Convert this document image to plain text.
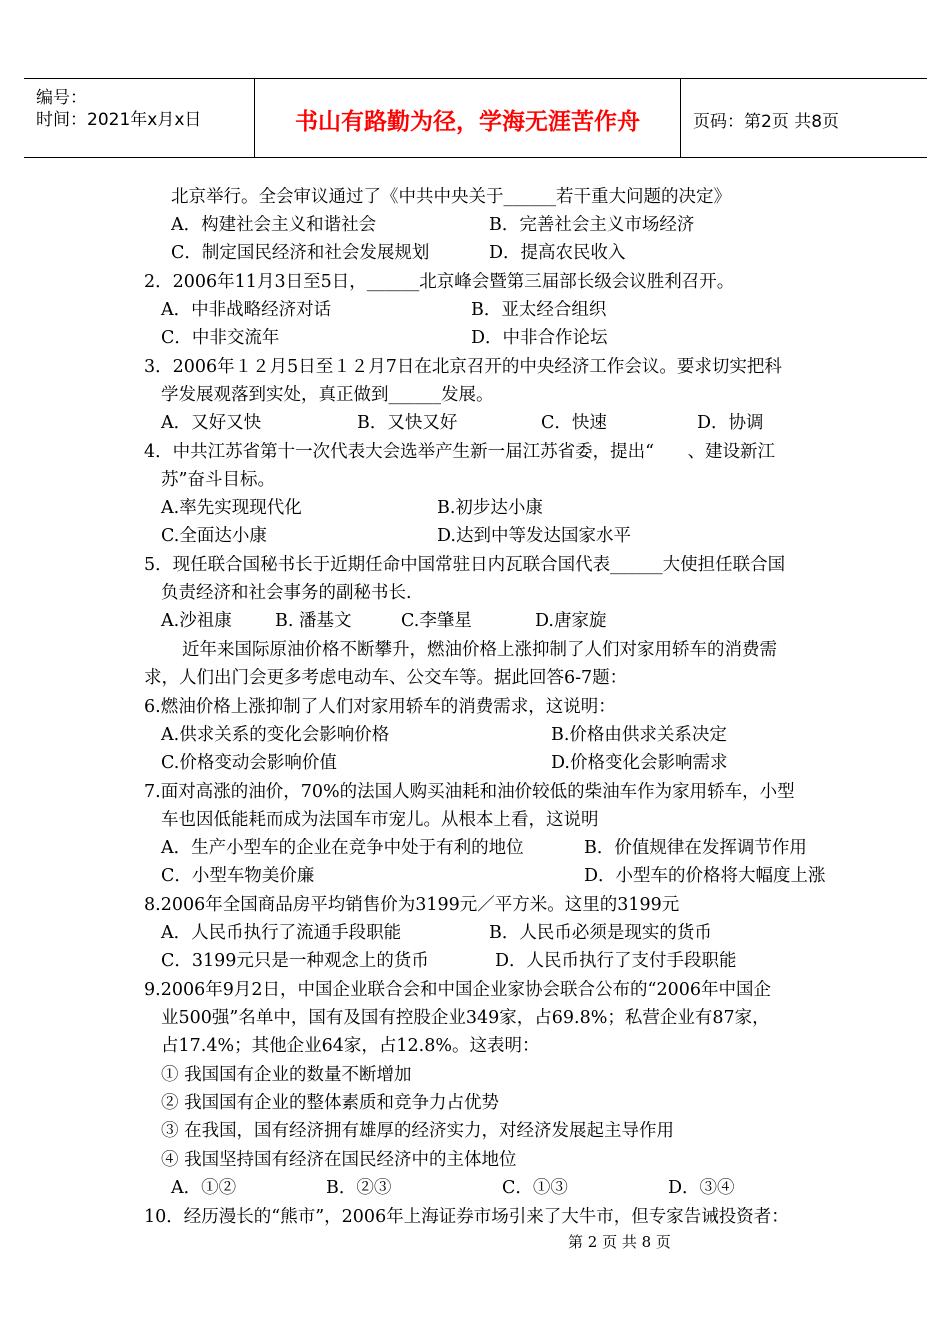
编号：
时间：2021年x月x日	书山有路勤为径，学海无涯苦作舟	页码：第2页 共8页
北京举行。全会审议通过了《中共中央关于______若干重大问题的决定》
A．构建社会主义和谐社会	B．完善社会主义市场经济
C．制定国民经济和社会发展规划	D．提高农民收入
2．2006年11月3日至5日，______北京峰会暨第三届部长级会议胜利召开。
A．中非战略经济对话	B．亚太经合组织
C．中非交流年	D．中非合作论坛
3．2006年１２月5日至１２月7日在北京召开的中央经济工作会议。要求切实把科
学发展观落到实处，真正做到______发展。
A．又好又快	B．又快又好	C．快速	D．协调
4．中共江苏省第十一次代表大会选举产生新一届江苏省委，提出“      、建设新江
苏”奋斗目标。
A.率先实现现代化	B.初步达小康
C.全面达小康	D.达到中等发达国家水平
5．现任联合国秘书长于近期任命中国常驻日内瓦联合国代表______大使担任联合国
负责经济和社会事务的副秘书长.
A.沙祖康 B. 潘基文	C.李肇星	D.唐家旋
近年来国际原油价格不断攀升，燃油价格上涨抑制了人们对家用轿车的消费需
求，人们出门会更多考虑电动车、公交车等。据此回答6-7题：
6.燃油价格上涨抑制了人们对家用轿车的消费需求，这说明：
A.供求关系的变化会影响价格	B.价格由供求关系决定
C.价格变动会影响价值	D.价格变化会影响需求
7.面对高涨的油价，70%的法国人购买油耗和油价较低的柴油车作为家用轿车，小型
车也因低能耗而成为法国车市宠儿。从根本上看，这说明
A．生产小型车的企业在竞争中处于有利的地位	B．价值规律在发挥调节作用
C．小型车物美价廉	D．小型车的价格将大幅度上涨
8.2006年全国商品房平均销售价为3199元／平方米。这里的3199元
A．人民币执行了流通手段职能	B．人民币必须是现实的货币
C．3199元只是一种观念上的货币	D．人民币执行了支付手段职能
9.2006年9月2日，中国企业联合会和中国企业家协会联合公布的“2006年中国企
业500强”名单中，国有及国有控股企业349家，占69.8%；私营企业有87家，
占17.4%；其他企业64家，占12.8%。这表明：
① 我国国有企业的数量不断增加
② 我国国有企业的整体素质和竞争力占优势
③ 在我国，国有经济拥有雄厚的经济实力，对经济发展起主导作用
④ 我国坚持国有经济在国民经济中的主体地位
A．①②	B．②③	C．①③	D．③④
10．经历漫长的“熊市”，2006年上海证券市场引来了大牛市，但专家告诫投资者：
第 2 页 共 8 页
